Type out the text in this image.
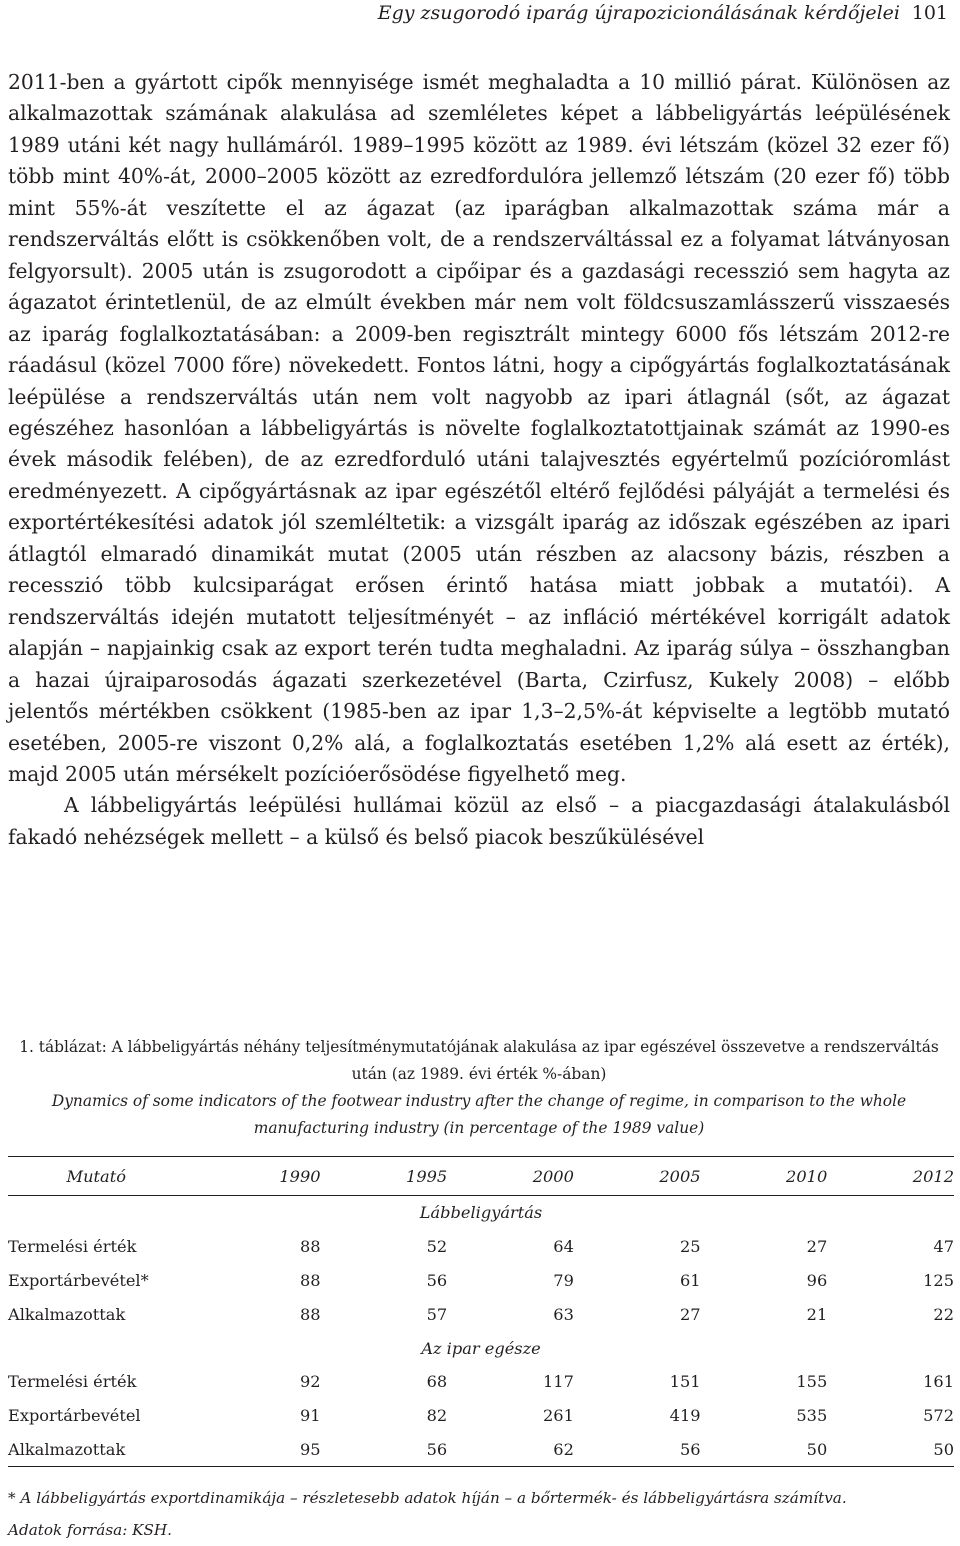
Egy zsugorodó iparág újrapozicionálásának kérdőjelei 101

2011-ben a gyártott cipők mennyisége ismét meghaladta a 10 millió párat. Különösen az alkalmazottak számának alakulása ad szemléletes képet a lábbeligyártás leépülésének 1989 utáni két nagy hullámáról. 1989–1995 között az 1989. évi létszám (közel 32 ezer fő) több mint 40%-át, 2000–2005 között az ezredfordulóra jellemző létszám (20 ezer fő) több mint 55%-át veszítette el az ágazat (az iparágban alkalmazottak száma már a rendszerváltás előtt is csökkenőben volt, de a rendszerváltással ez a folyamat látványosan felgyorsult). 2005 után is zsugorodott a cipőipar és a gazdasági recesszió sem hagyta az ágazatot érintetlenül, de az elmúlt években már nem volt földcsuszamlásszerű visszaesés az iparág foglalkoztatásában: a 2009-ben regisztrált mintegy 6000 fős létszám 2012-re ráadásul (közel 7000 főre) növekedett. Fontos látni, hogy a cipőgyártás foglalkoztatásának leépülése a rendszerváltás után nem volt nagyobb az ipari átlagnál (sőt, az ágazat egészéhez hasonlóan a lábbeligyártás is növelte foglalkoztatottjainak számát az 1990-es évek második felében), de az ezredforduló utáni talajvesztés egyértelmű pozícióromlást eredményezett. A cipőgyártásnak az ipar egészétől eltérő fejlődési pályáját a termelési és exportértékesítési adatok jól szemléltetik: a vizsgált iparág az időszak egészében az ipari átlagtól elmaradó dinamikát mutat (2005 után részben az alacsony bázis, részben a recesszió több kulcsiparágat erősen érintő hatása miatt jobbak a mutatói). A rendszerváltás idején mutatott teljesítményét – az infláció mértékével korrigált adatok alapján – napjainkig csak az export terén tudta meghaladni. Az iparág súlya – összhangban a hazai újraiparosodás ágazati szerkezetével (Barta, Czirfusz, Kukely 2008) – előbb jelentős mértékben csökkent (1985-ben az ipar 1,3–2,5%-át képviselte a legtöbb mutató esetében, 2005-re viszont 0,2% alá, a foglalkoztatás esetében 1,2% alá esett az érték), majd 2005 után mérsékelt pozícióerősödése figyelhető meg.

A lábbeligyártás leépülési hullámai közül az első – a piacgazdasági átalakulásból fakadó nehézségek mellett – a külső és belső piacok beszűkülésével

1. táblázat: A lábbeligyártás néhány teljesítménymutatójának alakulása az ipar egészével összevetve a rendszerváltás után (az 1989. évi érték %-ában)

Dynamics of some indicators of the footwear industry after the change of regime, in comparison to the whole manufacturing industry (in percentage of the 1989 value)

Mutató	1990	1995	2000	2005	2010	2012
Lábbeligyártás						
Termelési érték	88	52	64	25	27	47
Exportárbevétel*	88	56	79	61	96	125
Alkalmazottak	88	57	63	27	21	22
Az ipar egésze						
Termelési érték	92	68	117	151	155	161
Exportárbevétel	91	82	261	419	535	572
Alkalmazottak	95	56	62	56	50	50

* A lábbeligyártás exportdinamikája – részletesebb adatok híján – a bőrtermék- és lábbeligyártásra számítva.

Adatok forrása: KSH.
